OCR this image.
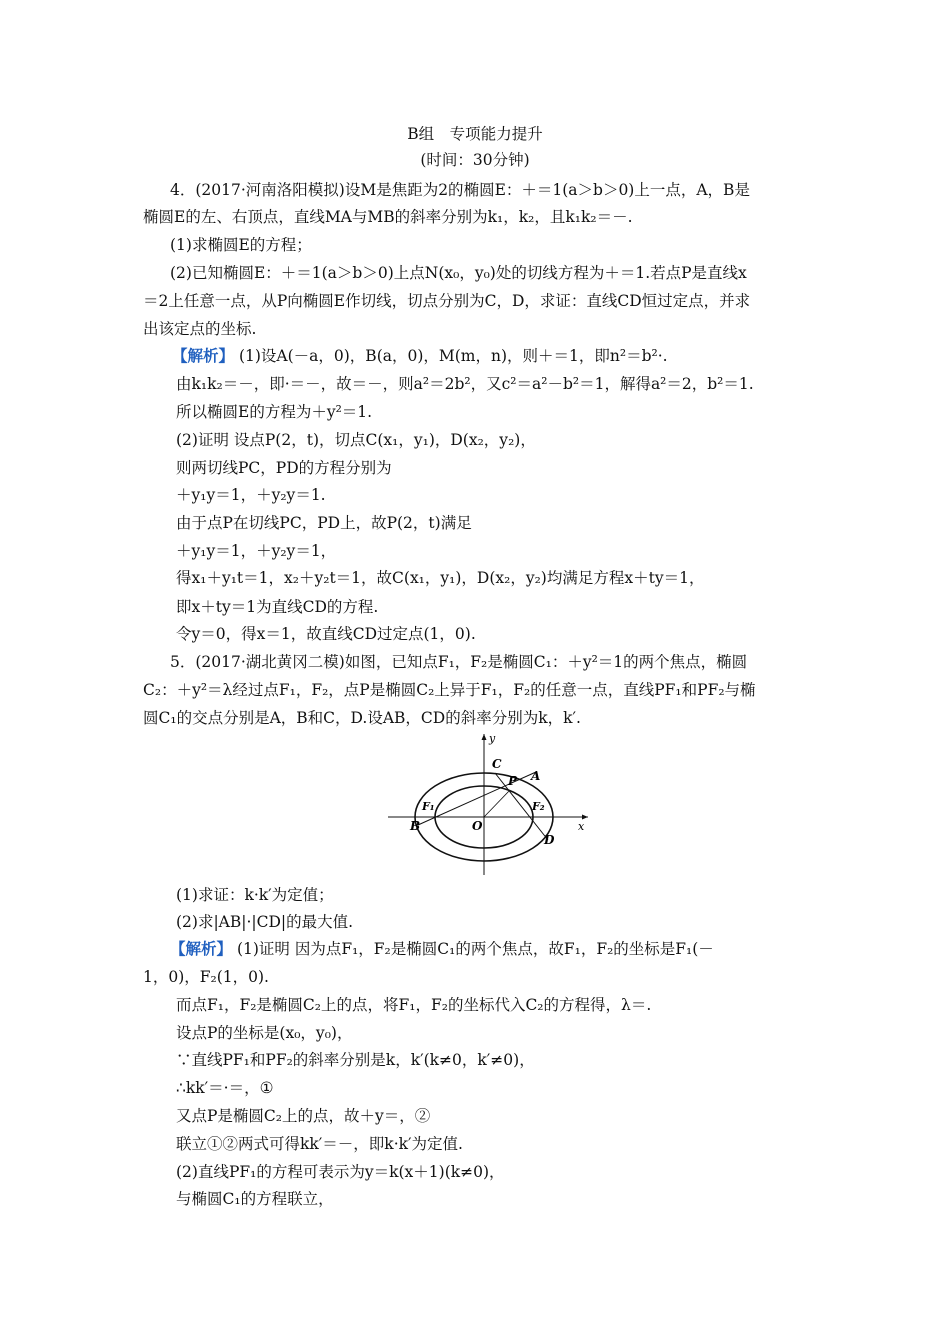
B组　专项能力提升
(时间：30分钟)
4．(2017·河南洛阳模拟)设M是焦距为2的椭圆E：＋＝1(a＞b＞0)上一点，A，B是
椭圆E的左、右顶点，直线MA与MB的斜率分别为k₁，k₂，且k₁k₂＝－.
(1)求椭圆E的方程；
(2)已知椭圆E：＋＝1(a＞b＞0)上点N(x₀，y₀)处的切线方程为＋＝1.若点P是直线x
＝2上任意一点，从P向椭圆E作切线，切点分别为C，D，求证：直线CD恒过定点，并求
出该定点的坐标.
【解析】 (1)设A(－a，0)，B(a，0)，M(m，n)，则＋＝1，即n²＝b²·.
由k₁k₂＝－，即·＝－，故＝－，则a²＝2b²，又c²＝a²－b²＝1，解得a²＝2，b²＝1.
所以椭圆E的方程为＋y²＝1.
(2)证明 设点P(2，t)，切点C(x₁，y₁)，D(x₂，y₂)，
则两切线PC，PD的方程分别为
＋y₁y＝1，＋y₂y＝1.
由于点P在切线PC，PD上，故P(2，t)满足
＋y₁y＝1，＋y₂y＝1，
得x₁＋y₁t＝1，x₂＋y₂t＝1，故C(x₁，y₁)，D(x₂，y₂)均满足方程x＋ty＝1，
即x＋ty＝1为直线CD的方程.
令y＝0，得x＝1，故直线CD过定点(1，0).
5．(2017·湖北黄冈二模)如图，已知点F₁，F₂是椭圆C₁：＋y²＝1的两个焦点，椭圆
C₂：＋y²＝λ经过点F₁，F₂，点P是椭圆C₂上异于F₁，F₂的任意一点，直线PF₁和PF₂与椭
圆C₁的交点分别是A，B和C，D.设AB，CD的斜率分别为k，k′.
y
x
C
P A
F₁	F₂
B	O
D
(1)求证：k·k′为定值；
(2)求|AB|·|CD|的最大值.
【解析】 (1)证明 因为点F₁，F₂是椭圆C₁的两个焦点，故F₁，F₂的坐标是F₁(－
1，0)，F₂(1，0).
而点F₁，F₂是椭圆C₂上的点，将F₁，F₂的坐标代入C₂的方程得，λ＝.
设点P的坐标是(x₀，y₀)，
∵直线PF₁和PF₂的斜率分别是k，k′(k≠0，k′≠0)，
∴kk′＝·＝，①
又点P是椭圆C₂上的点，故＋y＝，②
联立①②两式可得kk′＝－，即k·k′为定值.
(2)直线PF₁的方程可表示为y＝k(x＋1)(k≠0)，
与椭圆C₁的方程联立，
